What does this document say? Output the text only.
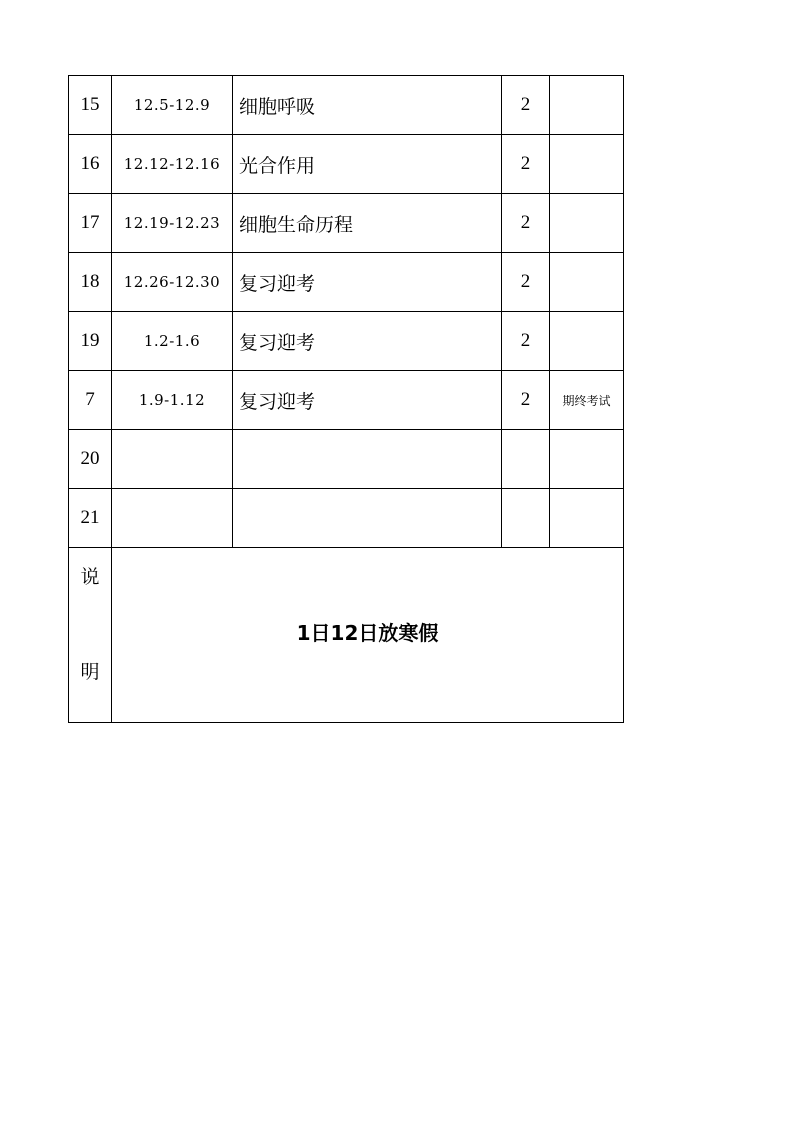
15	12.5-12.9	细胞呼吸	2	
16	12.12-12.16	光合作用	2	
17	12.19-12.23	细胞生命历程	2	
18	12.26-12.30	复习迎考	2	
19	1.2-1.6	复习迎考	2	
7	1.9-1.12	复习迎考	2	期终考试
20				
21				

说
明	1日12日放寒假			
